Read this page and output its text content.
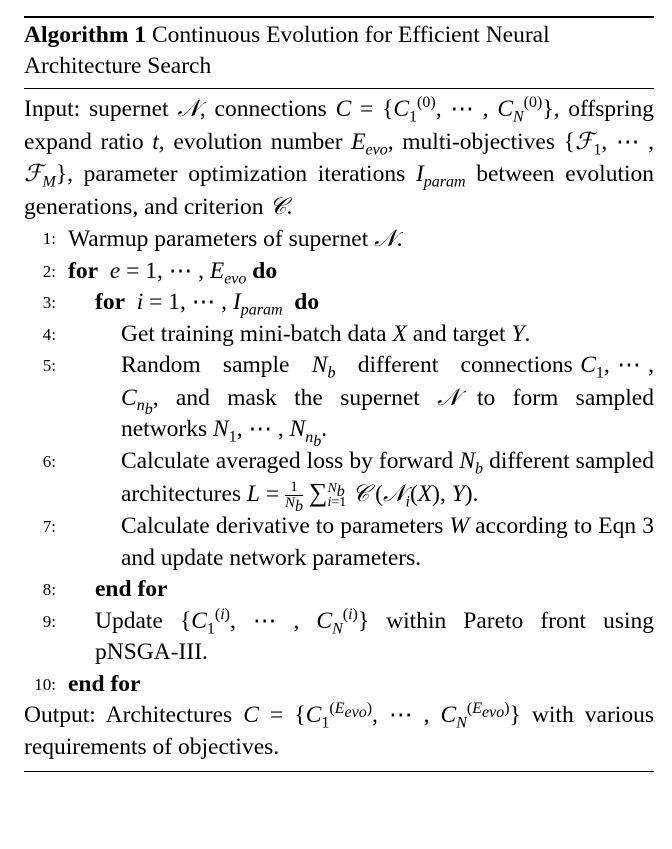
Algorithm 1 Continuous Evolution for Efficient Neural Architecture Search
Input: supernet 𝒩, connections $C = \{C_1^{(0)}$, ⋯ , $C_N^{(0)}$}, offspring expand ratio t, evolution number $E_{evo}$, multi-objectives {ℱ$_1$, ⋯ , ℱ$_M$}, parameter optimization iterations $I_{param}$ between evolution generations, and criterion 𝒞.
1: Warmup parameters of supernet 𝒩.
2: for e = 1, ⋯ , $E_{evo}$ do
3: for i = 1, ⋯ , $I_{param}$ do
4:	Get training mini-batch data X and target Y.
5:	Random   sample   $N_b$   different   connections $C_1$, ⋯ , $C_{n_b}$, and mask the supernet 𝒩 to form sampled networks $N_1$, ⋯ , $N_{n_b}$.
6:	Calculate averaged loss by forward $N_b$ different sampled architectures $L = \frac{1}{N_b}$ ∑ $N_b$
i=1 𝒞 (𝒩$_i$(X), Y).
7:	Calculate derivative to parameters W according to Eqn 3 and update network parameters.
8: end for
9: Update {$C_1^{(i)}$, ⋯ , $C_N^{(i)}$} within Pareto front using pNSGA-III.
10: end for
Output: Architectures $C = \{C_1^{(E_{evo})}$, ⋯ , $C_N^{(E_{evo})}$} with various requirements of objectives.
